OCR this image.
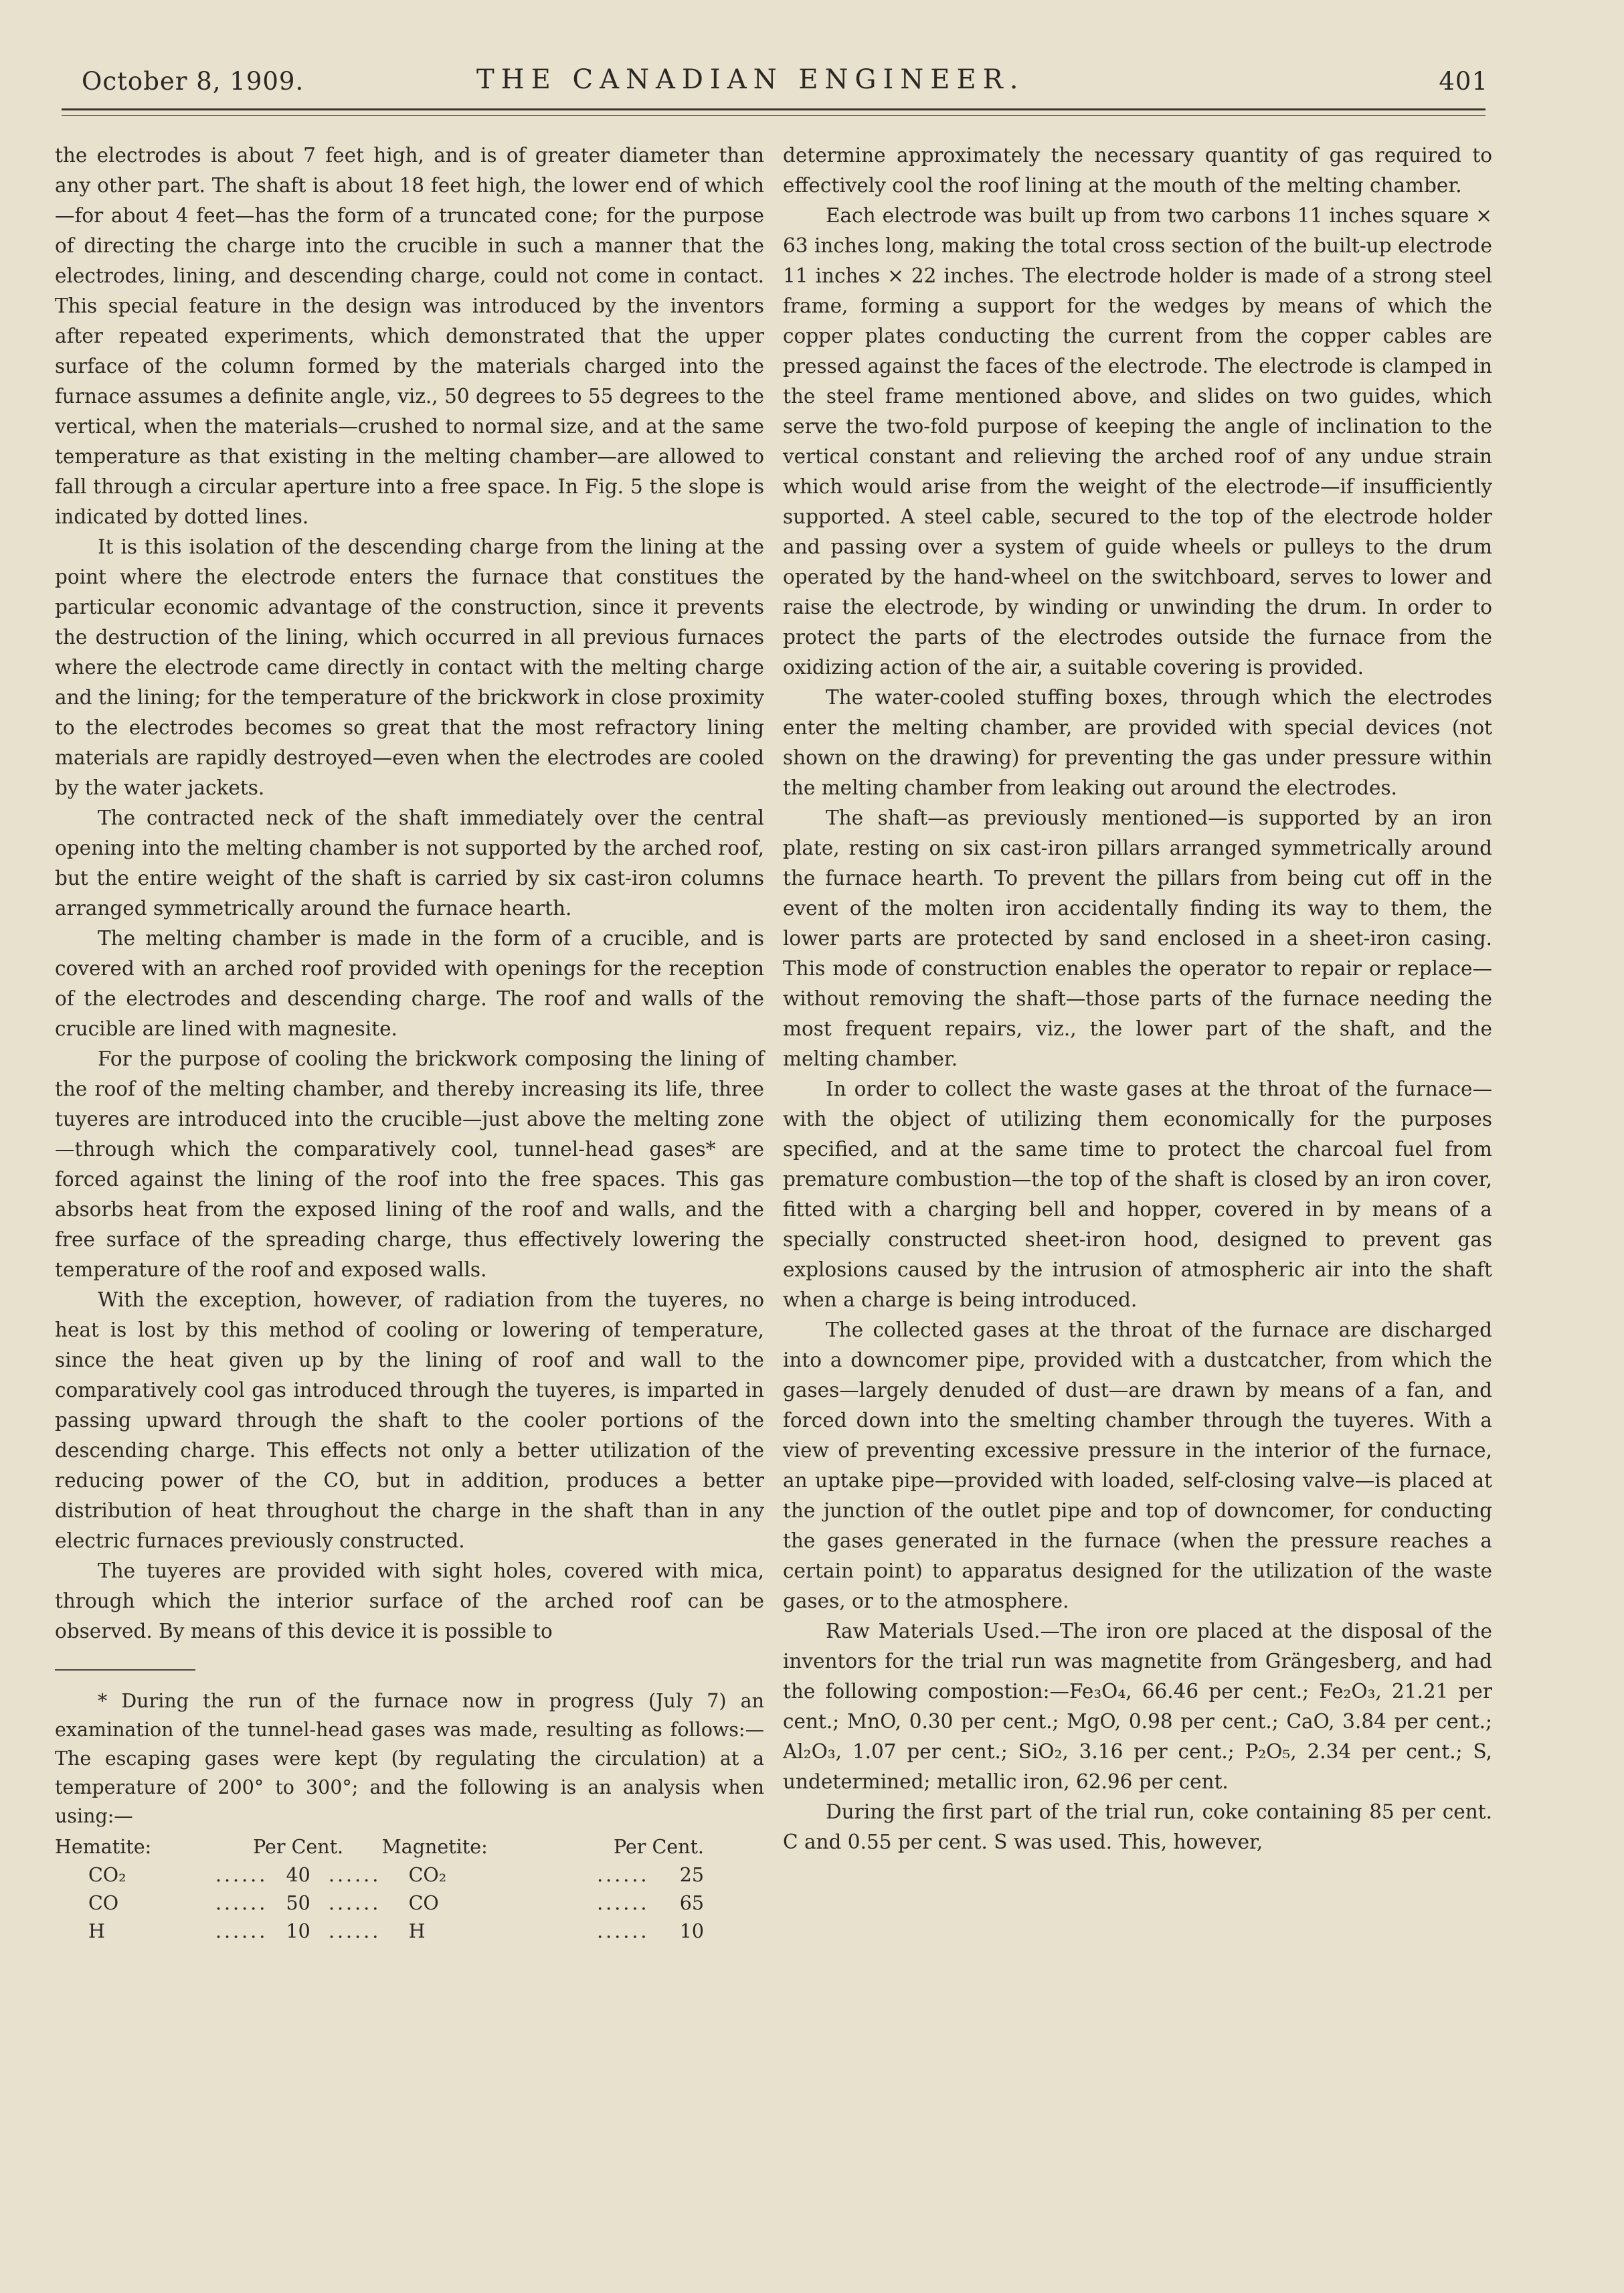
October 8, 1909.	THE CANADIAN ENGINEER.	401

the electrodes is about 7 feet high, and is of greater diameter than any other part. The shaft is about 18 feet high, the lower end of which—for about 4 feet—has the form of a truncated cone; for the purpose of directing the charge into the crucible in such a manner that the electrodes, lining, and descending charge, could not come in contact. This special feature in the design was introduced by the inventors after repeated experiments, which demonstrated that the upper surface of the column formed by the materials charged into the furnace assumes a definite angle, viz., 50 degrees to 55 degrees to the vertical, when the materials—crushed to normal size, and at the same temperature as that existing in the melting chamber—are allowed to fall through a circular aperture into a free space. In Fig. 5 the slope is indicated by dotted lines.

It is this isolation of the descending charge from the lining at the point where the electrode enters the furnace that constitues the particular economic advantage of the construction, since it prevents the destruction of the lining, which occurred in all previous furnaces where the electrode came directly in contact with the melting charge and the lining; for the temperature of the brickwork in close proximity to the electrodes becomes so great that the most refractory lining materials are rapidly destroyed—even when the electrodes are cooled by the water jackets.

The contracted neck of the shaft immediately over the central opening into the melting chamber is not supported by the arched roof, but the entire weight of the shaft is carried by six cast-iron columns arranged symmetrically around the furnace hearth.

The melting chamber is made in the form of a crucible, and is covered with an arched roof provided with openings for the reception of the electrodes and descending charge. The roof and walls of the crucible are lined with magnesite.

For the purpose of cooling the brickwork composing the lining of the roof of the melting chamber, and thereby increasing its life, three tuyeres are introduced into the crucible—just above the melting zone—through which the comparatively cool, tunnel-head gases* are forced against the lining of the roof into the free spaces. This gas absorbs heat from the exposed lining of the roof and walls, and the free surface of the spreading charge, thus effectively lowering the temperature of the roof and exposed walls.

With the exception, however, of radiation from the tuyeres, no heat is lost by this method of cooling or lowering of temperature, since the heat given up by the lining of roof and wall to the comparatively cool gas introduced through the tuyeres, is imparted in passing upward through the shaft to the cooler portions of the descending charge. This effects not only a better utilization of the reducing power of the CO, but in addition, produces a better distribution of heat throughout the charge in the shaft than in any electric furnaces previously constructed.

The tuyeres are provided with sight holes, covered with mica, through which the interior surface of the arched roof can be observed. By means of this device it is possible to

* During the run of the furnace now in progress (July 7) an examination of the tunnel-head gases was made, resulting as follows:—The escaping gases were kept (by regulating the circulation) at a temperature of 200° to 300°; and the following is an analysis when using:—

Hematite:	Per Cent.	Magnetite:	Per Cent.
CO₂	...... 40 ......	CO₂	...... 25
CO	...... 50 ......	CO	...... 65
H	...... 10 ......	H	...... 10

determine approximately the necessary quantity of gas required to effectively cool the roof lining at the mouth of the melting chamber.

Each electrode was built up from two carbons 11 inches square × 63 inches long, making the total cross section of the built-up electrode 11 inches × 22 inches. The electrode holder is made of a strong steel frame, forming a support for the wedges by means of which the copper plates conducting the current from the copper cables are pressed against the faces of the electrode. The electrode is clamped in the steel frame mentioned above, and slides on two guides, which serve the two-fold purpose of keeping the angle of inclination to the vertical constant and relieving the arched roof of any undue strain which would arise from the weight of the electrode—if insufficiently supported. A steel cable, secured to the top of the electrode holder and passing over a system of guide wheels or pulleys to the drum operated by the hand-wheel on the switchboard, serves to lower and raise the electrode, by winding or unwinding the drum. In order to protect the parts of the electrodes outside the furnace from the oxidizing action of the air, a suitable covering is provided.

The water-cooled stuffing boxes, through which the electrodes enter the melting chamber, are provided with special devices (not shown on the drawing) for preventing the gas under pressure within the melting chamber from leaking out around the electrodes.

The shaft—as previously mentioned—is supported by an iron plate, resting on six cast-iron pillars arranged symmetrically around the furnace hearth. To prevent the pillars from being cut off in the event of the molten iron accidentally finding its way to them, the lower parts are protected by sand enclosed in a sheet-iron casing. This mode of construction enables the operator to repair or replace—without removing the shaft—those parts of the furnace needing the most frequent repairs, viz., the lower part of the shaft, and the melting chamber.

In order to collect the waste gases at the throat of the furnace—with the object of utilizing them economically for the purposes specified, and at the same time to protect the charcoal fuel from premature combustion—the top of the shaft is closed by an iron cover, fitted with a charging bell and hopper, covered in by means of a specially constructed sheet-iron hood, designed to prevent gas explosions caused by the intrusion of atmospheric air into the shaft when a charge is being introduced.

The collected gases at the throat of the furnace are discharged into a downcomer pipe, provided with a dustcatcher, from which the gases—largely denuded of dust—are drawn by means of a fan, and forced down into the smelting chamber through the tuyeres. With a view of preventing excessive pressure in the interior of the furnace, an uptake pipe—provided with loaded, self-closing valve—is placed at the junction of the outlet pipe and top of downcomer, for conducting the gases generated in the furnace (when the pressure reaches a certain point) to apparatus designed for the utilization of the waste gases, or to the atmosphere.

Raw Materials Used.—The iron ore placed at the disposal of the inventors for the trial run was magnetite from Grängesberg, and had the following compostion:—Fe₃O₄, 66.46 per cent.; Fe₂O₃, 21.21 per cent.; MnO, 0.30 per cent.; MgO, 0.98 per cent.; CaO, 3.84 per cent.; Al₂O₃, 1.07 per cent.; SiO₂, 3.16 per cent.; P₂O₅, 2.34 per cent.; S, undetermined; metallic iron, 62.96 per cent.

During the first part of the trial run, coke containing 85 per cent. C and 0.55 per cent. S was used. This, however,
